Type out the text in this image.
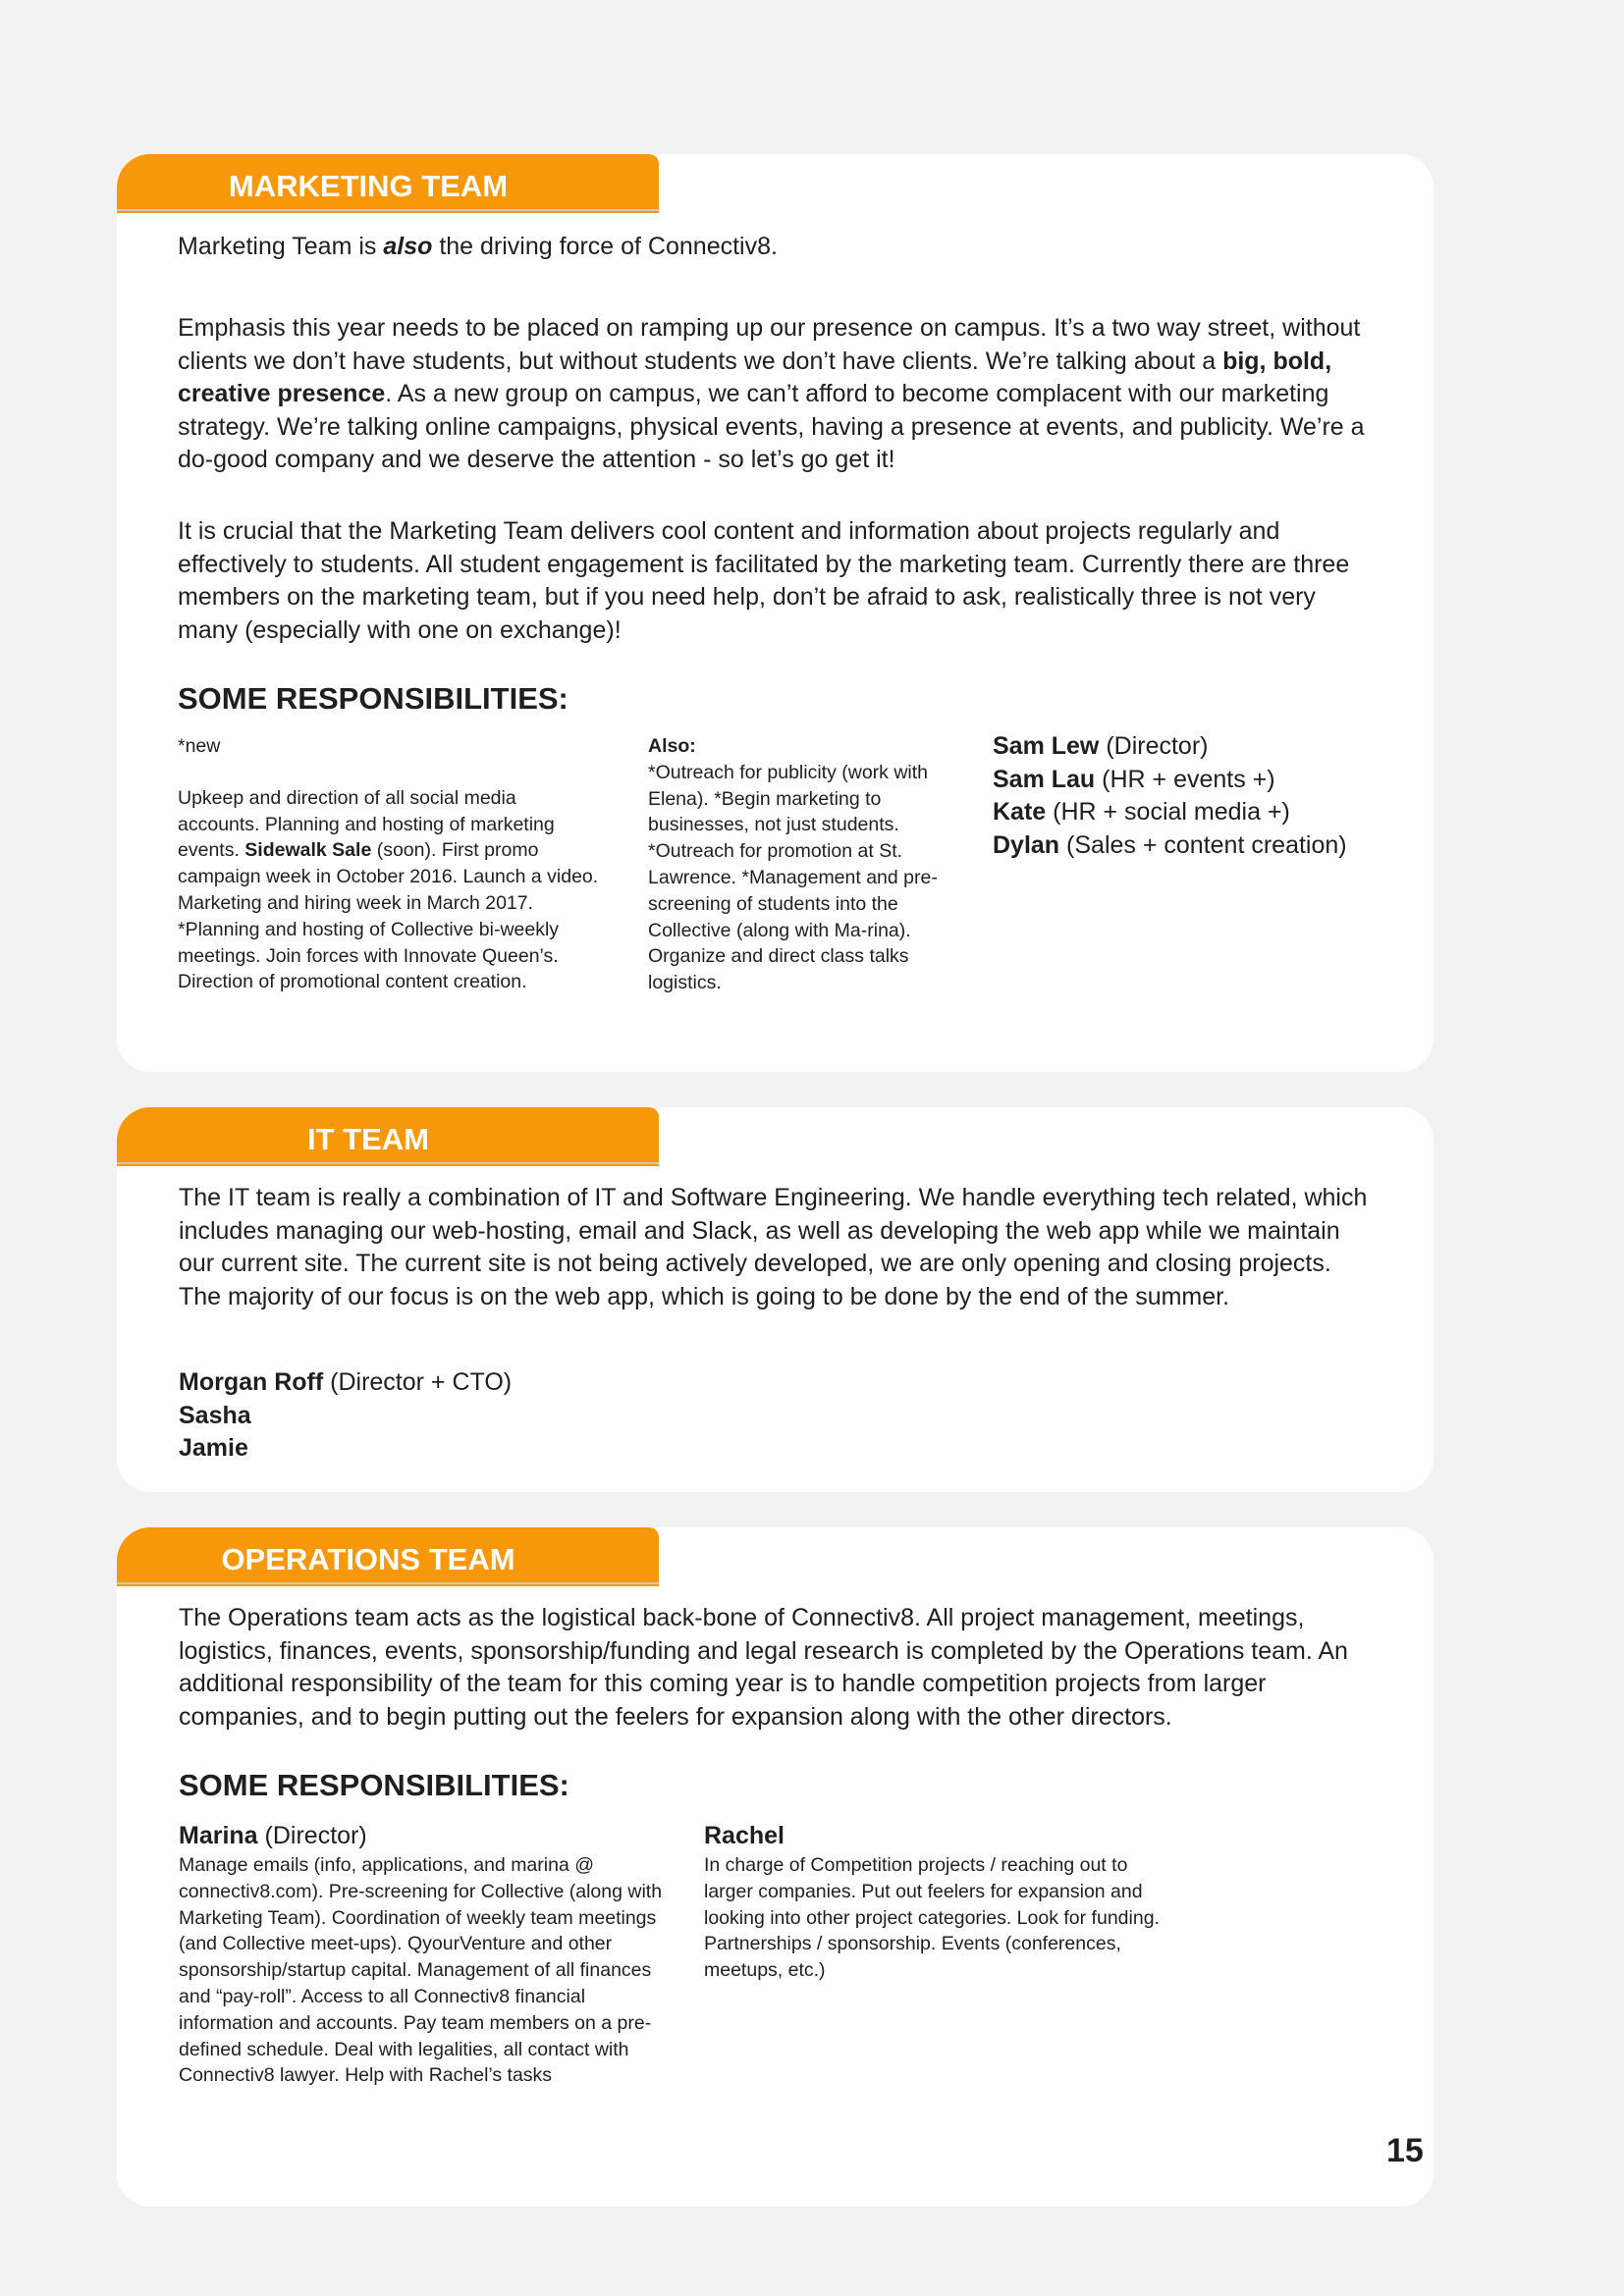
MARKETING TEAM

Marketing Team is also the driving force of Connectiv8.

Emphasis this year needs to be placed on ramping up our presence on campus. It’s a two way street, without clients we don’t have students, but without students we don’t have clients. We’re talking about a big, bold, creative presence. As a new group on campus, we can’t afford to become complacent with our marketing strategy. We’re talking online campaigns, physical events, having a presence at events, and publicity. We’re a do-good company and we deserve the attention - so let’s go get it!

It is crucial that the Marketing Team delivers cool content and information about projects regularly and effectively to students. All student engagement is facilitated by the marketing team. Currently there are three members on the marketing team, but if you need help, don’t be afraid to ask, realistically three is not very many (especially with one on exchange)!

SOME RESPONSIBILITIES:
*new
Upkeep and direction of all social media accounts. Planning and hosting of marketing events. Sidewalk Sale (soon). First promo campaign week in October 2016. Launch a video. Marketing and hiring week in March 2017. *Planning and hosting of Collective bi-weekly meetings. Join forces with Innovate Queen’s. Direction of promotional content creation.
Also:
*Outreach for publicity (work with Elena). *Begin marketing to businesses, not just students. *Outreach for promotion at St. Lawrence. *Management and pre-screening of students into the Collective (along with Ma-rina). Organize and direct class talks logistics.
Sam Lew (Director)
Sam Lau (HR + events +)
Kate (HR + social media +)
Dylan (Sales + content creation)
IT TEAM

The IT team is really a combination of IT and Software Engineering. We handle everything tech related, which includes managing our web-hosting, email and Slack, as well as developing the web app while we maintain our current site. The current site is not being actively developed, we are only opening and closing projects. The majority of our focus is on the web app, which is going to be done by the end of the summer.

Morgan Roff (Director + CTO)
Sasha
Jamie
OPERATIONS TEAM

The Operations team acts as the logistical back-bone of Connectiv8. All project management, meetings, logistics, finances, events, sponsorship/funding and legal research is completed by the Operations team. An additional responsibility of the team for this coming year is to handle competition projects from larger companies, and to begin putting out the feelers for expansion along with the other directors.

SOME RESPONSIBILITIES:
Marina (Director)
Manage emails (info, applications, and marina @ connectiv8.com). Pre-screening for Collective (along with Marketing Team). Coordination of weekly team meetings (and Collective meet-ups). QyourVenture and other sponsorship/startup capital. Management of all finances and “pay-roll”. Access to all Connectiv8 financial information and accounts. Pay team members on a pre-defined schedule. Deal with legalities, all contact with Connectiv8 lawyer. Help with Rachel’s tasks
Rachel
In charge of Competition projects / reaching out to larger companies. Put out feelers for expansion and looking into other project categories. Look for funding. Partnerships / sponsorship. Events (conferences, meetups, etc.)
15
